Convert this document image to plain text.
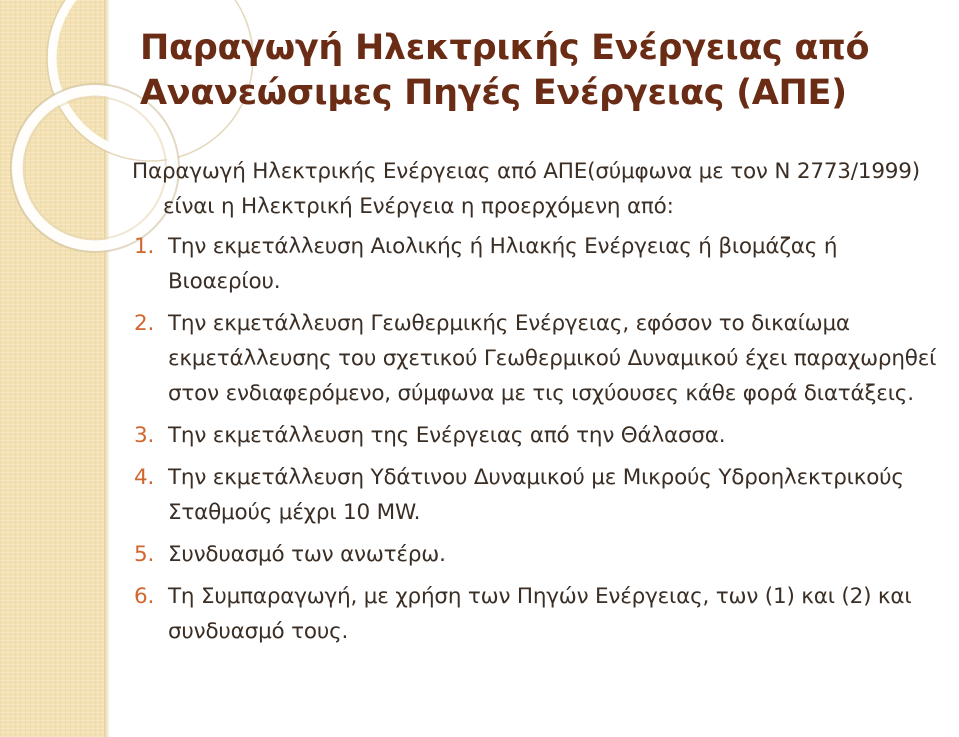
Παραγωγή Ηλεκτρικής Ενέργειας από
Ανανεώσιμες Πηγές Ενέργειας (ΑΠΕ)

Παραγωγή Ηλεκτρικής Ενέργειας από ΑΠΕ(σύμφωνα με τον Ν 2773/1999) είναι η Ηλεκτρική Ενέργεια η προερχόμενη από:

1. Την εκμετάλλευση Αιολικής ή Ηλιακής Ενέργειας ή βιομάζας ή Βιοαερίου.
2. Την εκμετάλλευση Γεωθερμικής Ενέργειας, εφόσον το δικαίωμα εκμετάλλευσης του σχετικού Γεωθερμικού Δυναμικού έχει παραχωρηθεί στον ενδιαφερόμενο, σύμφωνα με τις ισχύουσες κάθε φορά διατάξεις.
3. Την εκμετάλλευση της Ενέργειας από την Θάλασσα.
4. Την εκμετάλλευση Υδάτινου Δυναμικού με Μικρούς Υδροηλεκτρικούς Σταθμούς μέχρι 10 MW.
5. Συνδυασμό των ανωτέρω.
6. Τη Συμπαραγωγή, με χρήση των Πηγών Ενέργειας, των (1) και (2) και συνδυασμό τους.
